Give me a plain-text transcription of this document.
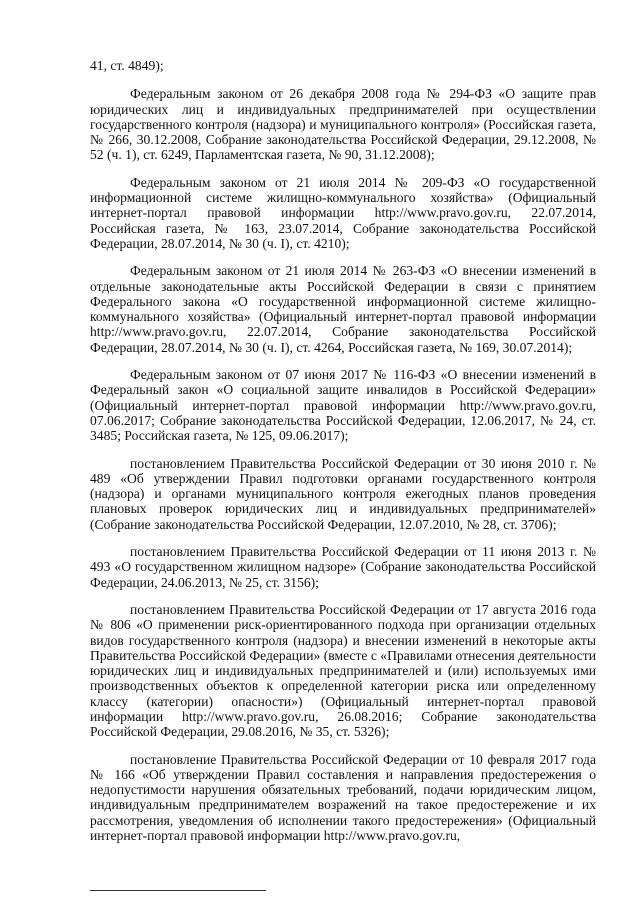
41, ст. 4849);

Федеральным законом от 26 декабря 2008 года № 294-ФЗ «О защите прав юридических лиц и индивидуальных предпринимателей при осуществлении государственного контроля (надзора) и муниципального контроля» (Российская газета, № 266, 30.12.2008, Собрание законодательства Российской Федерации, 29.12.2008, № 52 (ч. 1), ст. 6249, Парламентская газета, № 90, 31.12.2008);

Федеральным законом от 21 июля 2014 № 209-ФЗ «О государственной информационной системе жилищно-коммунального хозяйства» (Официальный интернет-портал правовой информации http://www.pravo.gov.ru, 22.07.2014, Российская газета, № 163, 23.07.2014, Собрание законодательства Российской Федерации, 28.07.2014, № 30 (ч. I), ст. 4210);

Федеральным законом от 21 июля 2014 № 263-ФЗ «О внесении изменений в отдельные законодательные акты Российской Федерации в связи с принятием Федерального закона «О государственной информационной системе жилищно-коммунального хозяйства» (Официальный интернет-портал правовой информации http://www.pravo.gov.ru, 22.07.2014, Собрание законодательства Российской Федерации, 28.07.2014, № 30 (ч. I), ст. 4264, Российская газета, № 169, 30.07.2014);

Федеральным законом от 07 июня 2017 № 116-ФЗ «О внесении изменений в Федеральный закон «О социальной защите инвалидов в Российской Федерации» (Официальный интернет-портал правовой информации http://www.pravo.gov.ru, 07.06.2017; Собрание законодательства Российской Федерации, 12.06.2017, № 24, ст. 3485; Российская газета, № 125, 09.06.2017);

постановлением Правительства Российской Федерации от 30 июня 2010 г. № 489 «Об утверждении Правил подготовки органами государственного контроля (надзора) и органами муниципального контроля ежегодных планов проведения плановых проверок юридических лиц и индивидуальных предпринимателей» (Собрание законодательства Российской Федерации, 12.07.2010, № 28, ст. 3706);

постановлением Правительства Российской Федерации от 11 июня 2013 г. № 493 «О государственном жилищном надзоре» (Собрание законодательства Российской Федерации, 24.06.2013, № 25, ст. 3156);

постановлением Правительства Российской Федерации от 17 августа 2016 года № 806 «О применении риск-ориентированного подхода при организации отдельных видов государственного контроля (надзора) и внесении изменений в некоторые акты Правительства Российской Федерации» (вместе с «Правилами отнесения деятельности юридических лиц и индивидуальных предпринимателей и (или) используемых ими производственных объектов к определенной категории риска или определенному классу (категории) опасности») (Официальный интернет-портал правовой информации http://www.pravo.gov.ru, 26.08.2016; Собрание законодательства Российской Федерации, 29.08.2016, № 35, ст. 5326);

постановление Правительства Российской Федерации от 10 февраля 2017 года № 166 «Об утверждении Правил составления и направления предостережения о недопустимости нарушения обязательных требований, подачи юридическим лицом, индивидуальным предпринимателем возражений на такое предостережение и их рассмотрения, уведомления об исполнении такого предостережения» (Официальный интернет-портал правовой информации http://www.pravo.gov.ru,
